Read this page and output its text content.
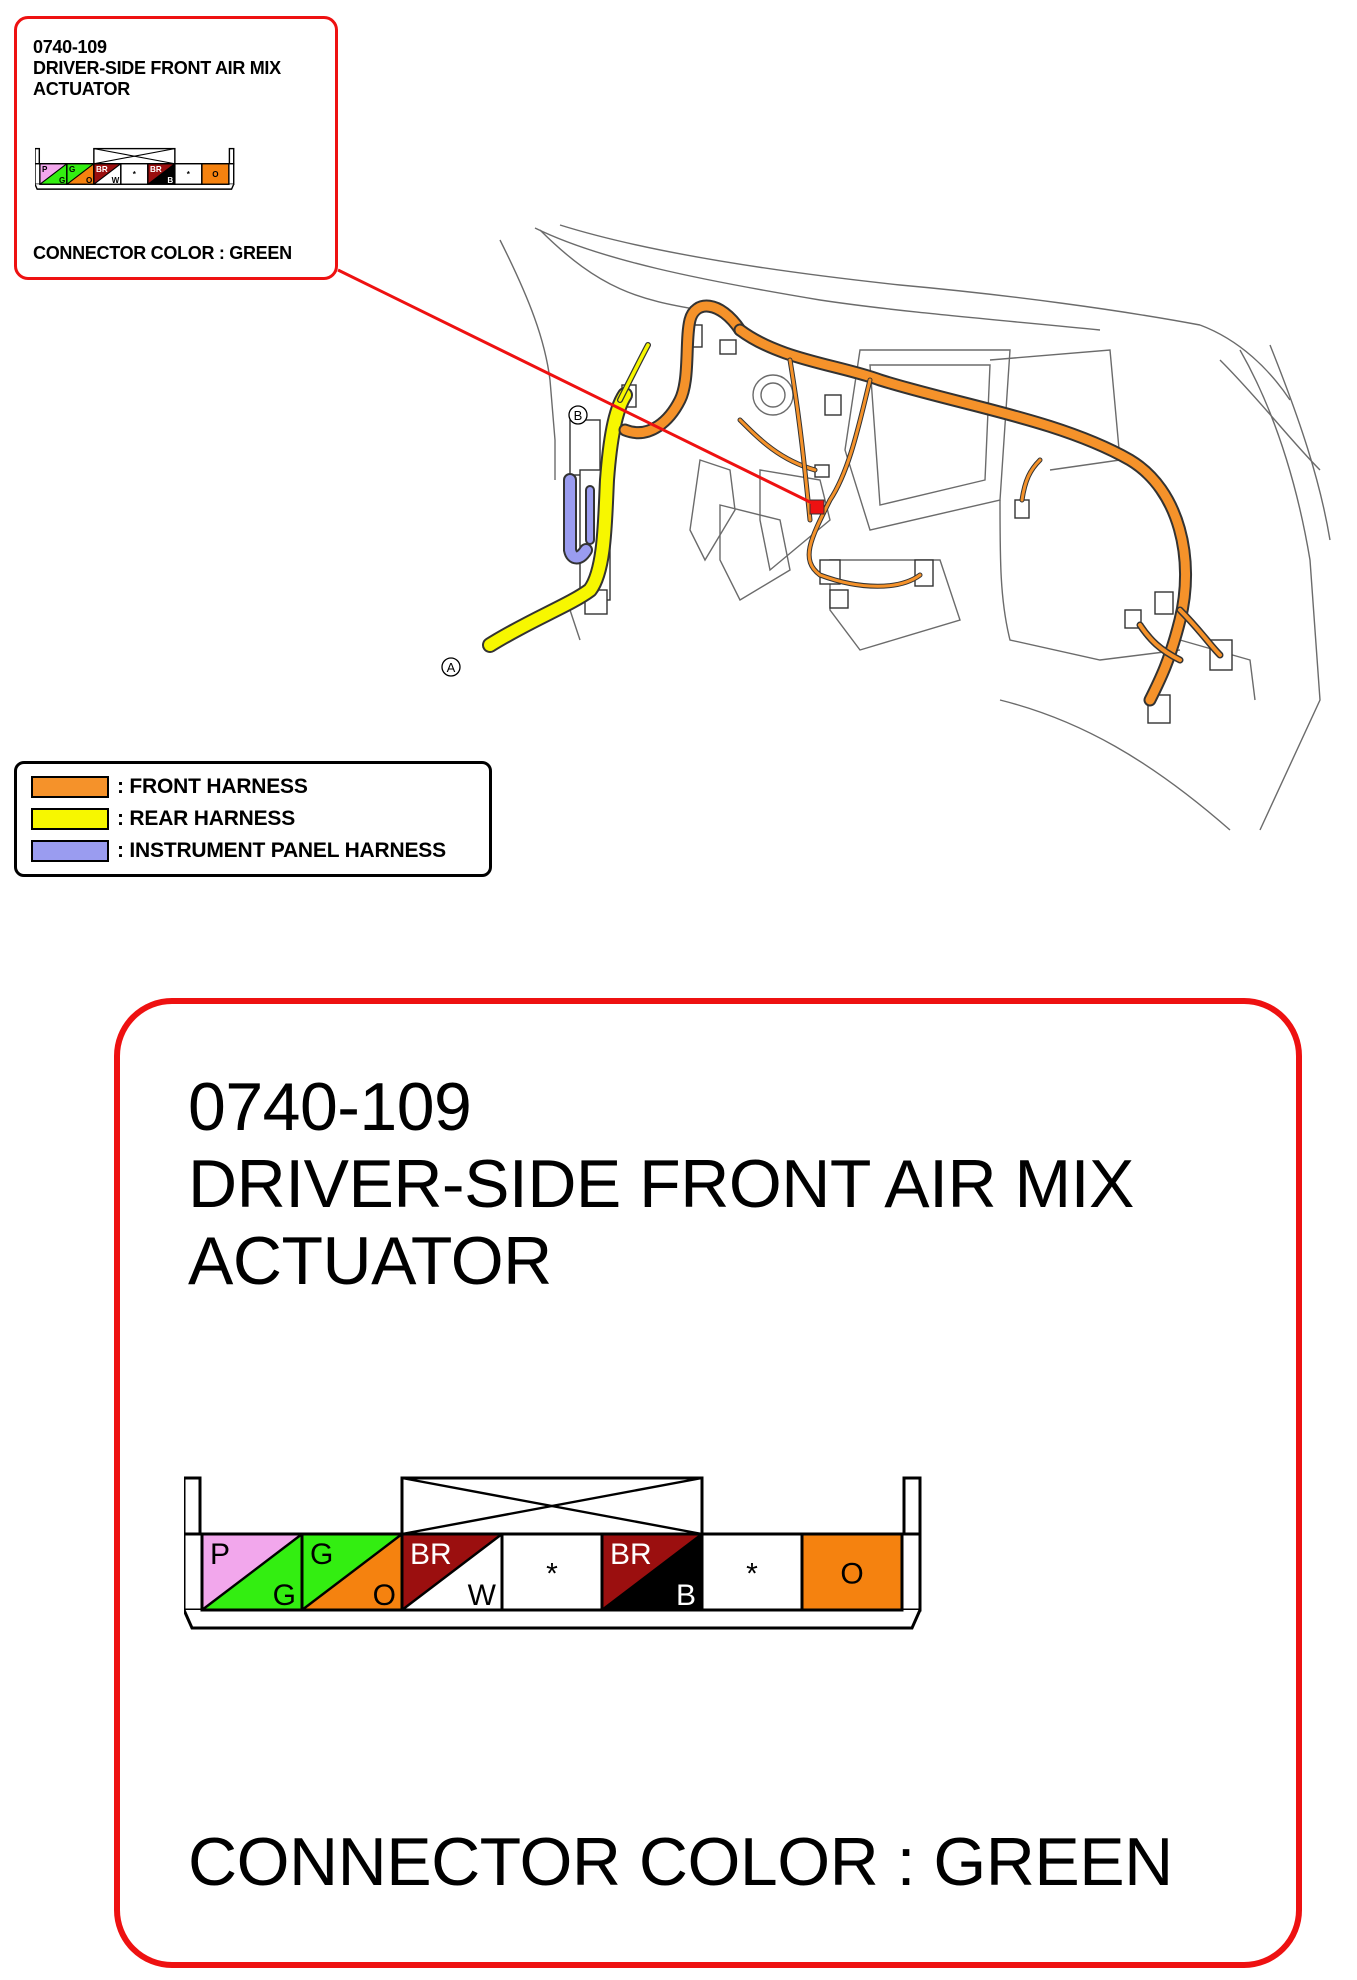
0740-109
DRIVER-SIDE FRONT AIR MIX
ACTUATOR
P
G
G
O
BR
W
*
BR
B
*	O
CONNECTOR COLOR : GREEN
A
B
: FRONT HARNESS
: REAR HARNESS
: INSTRUMENT PANEL HARNESS
0740-109
DRIVER-SIDE FRONT AIR MIX
ACTUATOR
P
G
G
O
BR
W
*
BR
B
*	O
CONNECTOR COLOR : GREEN
